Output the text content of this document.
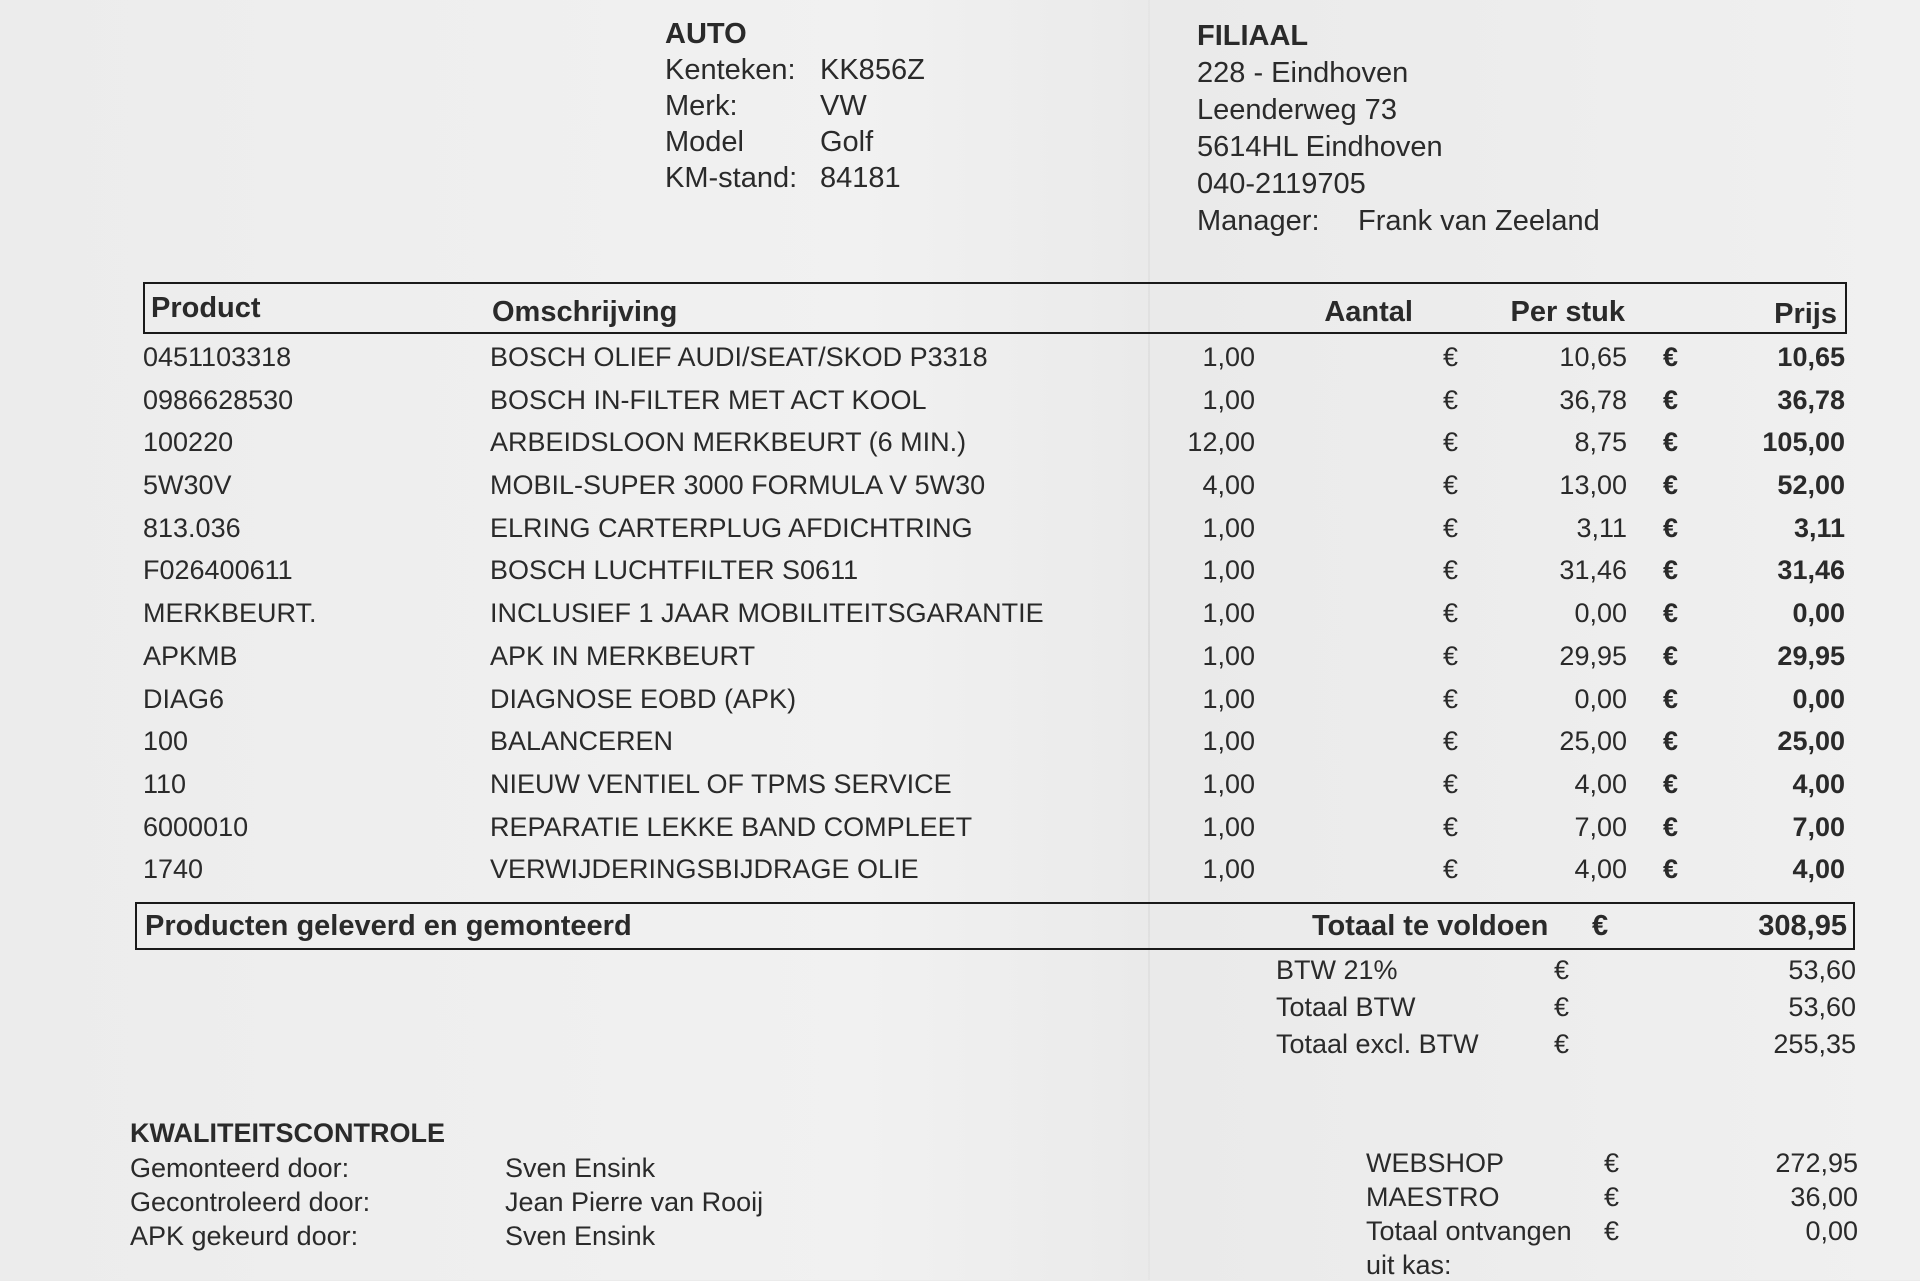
AUTO
Kenteken: KK856Z
Merk:	VW
Model	Golf
KM-stand: 84181
FILIAAL
228 - Eindhoven
Leenderweg 73
5614HL Eindhoven
040-2119705
Manager:	Frank van Zeeland
Product	Omschrijving	Aantal	Per stuk	Prijs
0451103318	BOSCH OLIEF AUDI/SEAT/SKOD P3318	1,00	€	10,65 €	10,65
0986628530	BOSCH IN-FILTER MET ACT KOOL	1,00	€	36,78 €	36,78
100220	ARBEIDSLOON MERKBEURT (6 MIN.)	12,00	€	8,75 €	105,00
5W30V	MOBIL-SUPER 3000 FORMULA V 5W30	4,00	€	13,00 €	52,00
813.036	ELRING CARTERPLUG AFDICHTRING	1,00	€	3,11 €	3,11
F026400611	BOSCH LUCHTFILTER S0611	1,00	€	31,46 €	31,46
MERKBEURT.	INCLUSIEF 1 JAAR MOBILITEITSGARANTIE	1,00	€	0,00 €	0,00
APKMB	APK IN MERKBEURT	1,00	€	29,95 €	29,95
DIAG6	DIAGNOSE EOBD (APK)	1,00	€	0,00 €	0,00
100	BALANCEREN	1,00	€	25,00 €	25,00
110	NIEUW VENTIEL OF TPMS SERVICE	1,00	€	4,00 €	4,00
6000010	REPARATIE LEKKE BAND COMPLEET	1,00	€	7,00 €	7,00
1740	VERWIJDERINGSBIJDRAGE OLIE	1,00	€	4,00 €	4,00
Producten geleverd en gemonteerd	Totaal te voldoen €	308,95
BTW 21%	€	53,60
Totaal BTW	€	53,60
Totaal excl. BTW	€	255,35
KWALITEITSCONTROLE
Gemonteerd door:	Sven Ensink
Gecontroleerd door:	Jean Pierre van Rooij
APK gekeurd door:	Sven Ensink
WEBSHOP	€	272,95
MAESTRO	€	36,00
Totaal ontvangen €	0,00
uit kas:
